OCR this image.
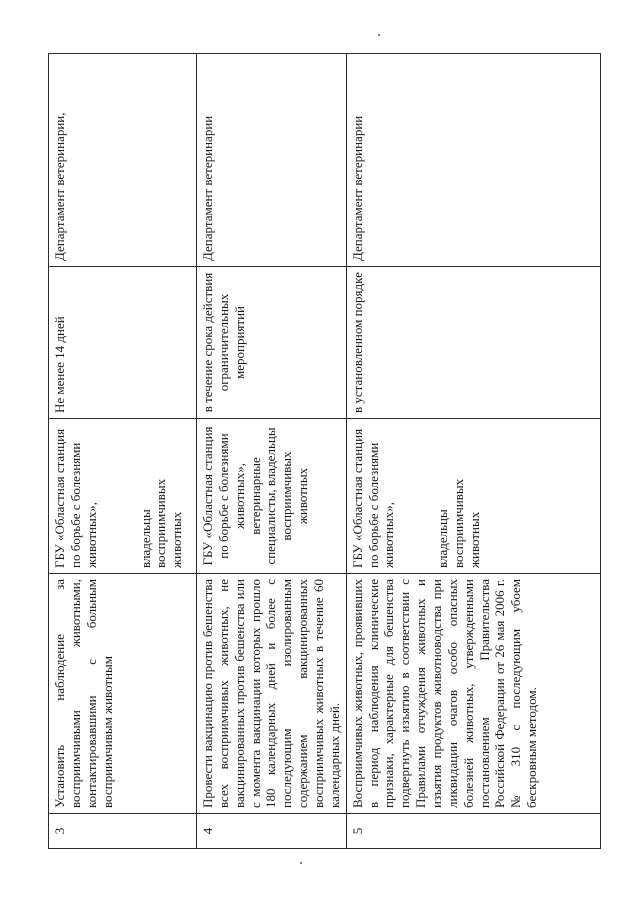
3	Установить наблюдение за восприимчивыми животными, контактировавшими с больным восприимчивым животным	ГБУ «Областная станция по борьбе с болезнями животных», владельцы восприимчивых животных	Не менее 14 дней	Департамент ветеринарии,
4	Провести вакцинацию против бешенства всех восприимчивых животных, не вакцинированных против бешенства или с момента вакцинации которых прошло 180 календарных дней и более с последующим изолированным содержанием вакцинированных восприимчивых животных в течение 60 календарных дней.	ГБУ «Областная станция по борьбе с болезнями животных», ветеринарные специалисты, владельцы восприимчивых животных	в течение срока действия ограничительных мероприятий	Департамент ветеринарии
5	Восприимчивых животных, проявивших в период наблюдения клинические признаки, характерные для бешенства подвергнуть изъятию в соответствии с Правилами отчуждения животных и изъятия продуктов животноводства при ликвидации очагов особо опасных болезней животных, утвержденными постановлением Правительства Российской Федерации от 26 мая 2006 г. № 310 с последующим убоем бескровным методом.	ГБУ «Областная станция по борьбе с болезнями животных», владельцы восприимчивых животных	в установленном порядке	Департамент ветеринарии
